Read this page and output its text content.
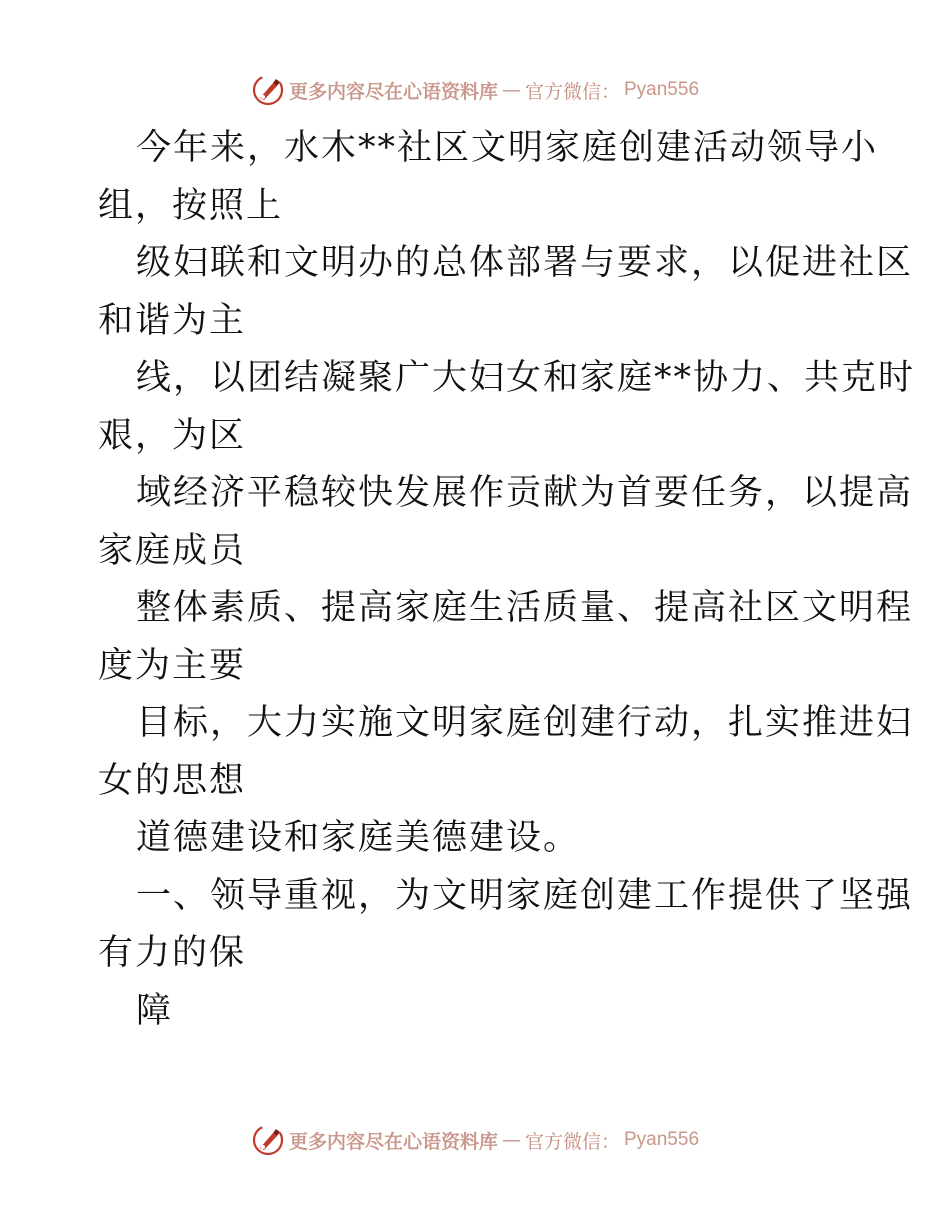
更多内容尽在心语资料库 — 官方微信： Pyan556
今年来，水木**社区文明家庭创建活动领导小
组，按照上
级妇联和文明办的总体部署与要求，以促进社区
和谐为主
线，以团结凝聚广大妇女和家庭**协力、共克时
艰，为区
域经济平稳较快发展作贡献为首要任务，以提高
家庭成员
整体素质、提高家庭生活质量、提高社区文明程
度为主要
目标，大力实施文明家庭创建行动，扎实推进妇
女的思想
道德建设和家庭美德建设。
一、领导重视，为文明家庭创建工作提供了坚强
有力的保
障
更多内容尽在心语资料库 — 官方微信： Pyan556
